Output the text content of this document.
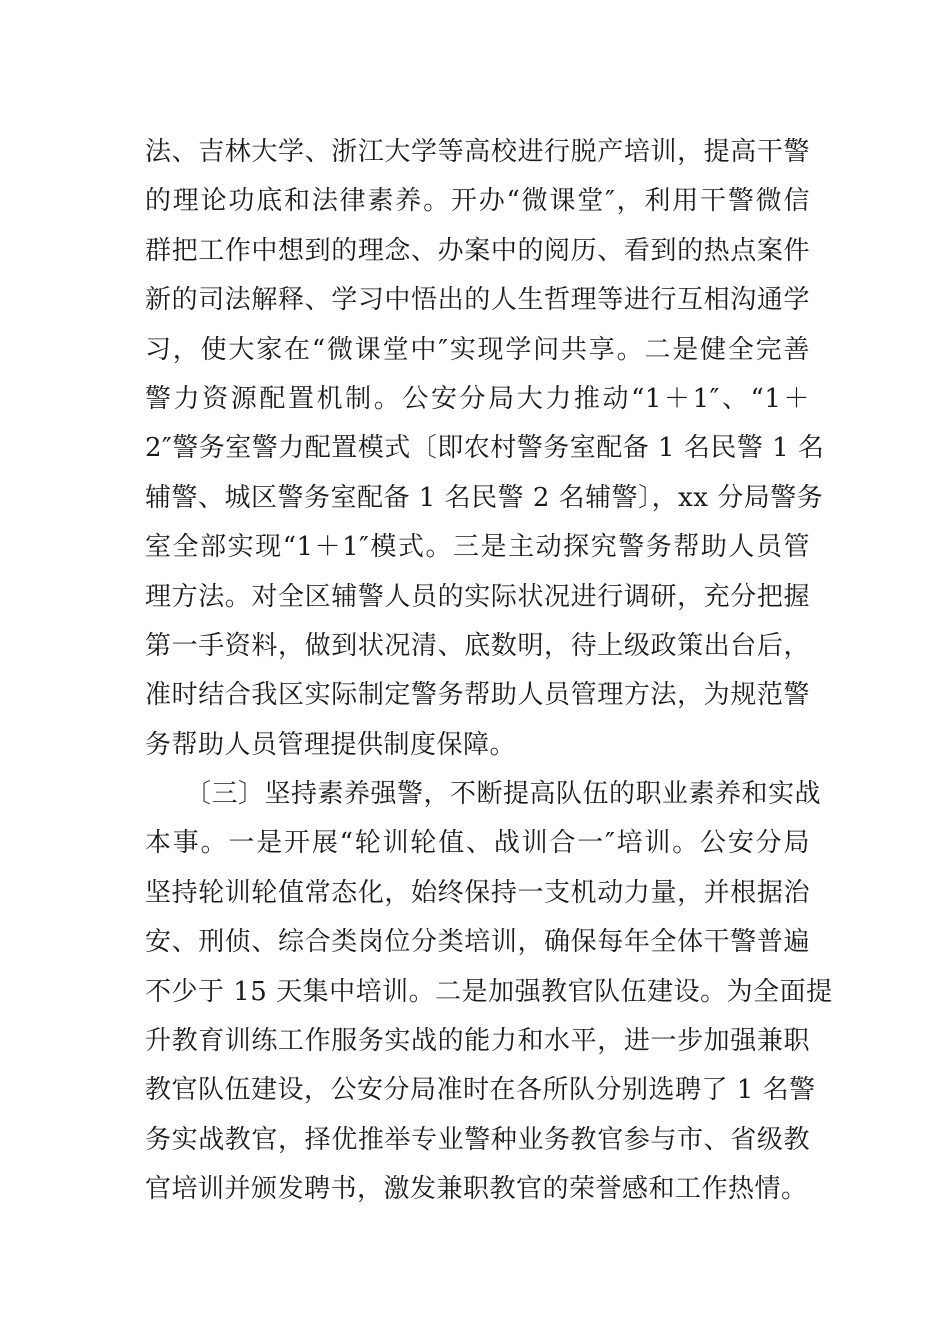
法、吉林大学、浙江大学等高校进行脱产培训，提高干警
的理论功底和法律素养。开办“微课堂″，利用干警微信
群把工作中想到的理念、办案中的阅历、看到的热点案件
新的司法解释、学习中悟出的人生哲理等进行互相沟通学
习，使大家在“微课堂中″实现学问共享。二是健全完善
警力资源配置机制。公安分局大力推动“1＋1″、“1＋
2″警务室警力配置模式〔即农村警务室配备 1 名民警 1 名
辅警、城区警务室配备 1 名民警 2 名辅警〕，xx 分局警务
室全部实现“1＋1″模式。三是主动探究警务帮助人员管
理方法。对全区辅警人员的实际状况进行调研，充分把握
第一手资料，做到状况清、底数明，待上级政策出台后，
准时结合我区实际制定警务帮助人员管理方法，为规范警
务帮助人员管理提供制度保障。
〔三〕坚持素养强警，不断提高队伍的职业素养和实战
本事。一是开展“轮训轮值、战训合一″培训。公安分局
坚持轮训轮值常态化，始终保持一支机动力量，并根据治
安、刑侦、综合类岗位分类培训，确保每年全体干警普遍
不少于 15 天集中培训。二是加强教官队伍建设。为全面提
升教育训练工作服务实战的能力和水平，进一步加强兼职
教官队伍建设，公安分局准时在各所队分别选聘了 1 名警
务实战教官，择优推举专业警种业务教官参与市、省级教
官培训并颁发聘书，激发兼职教官的荣誉感和工作热情。
